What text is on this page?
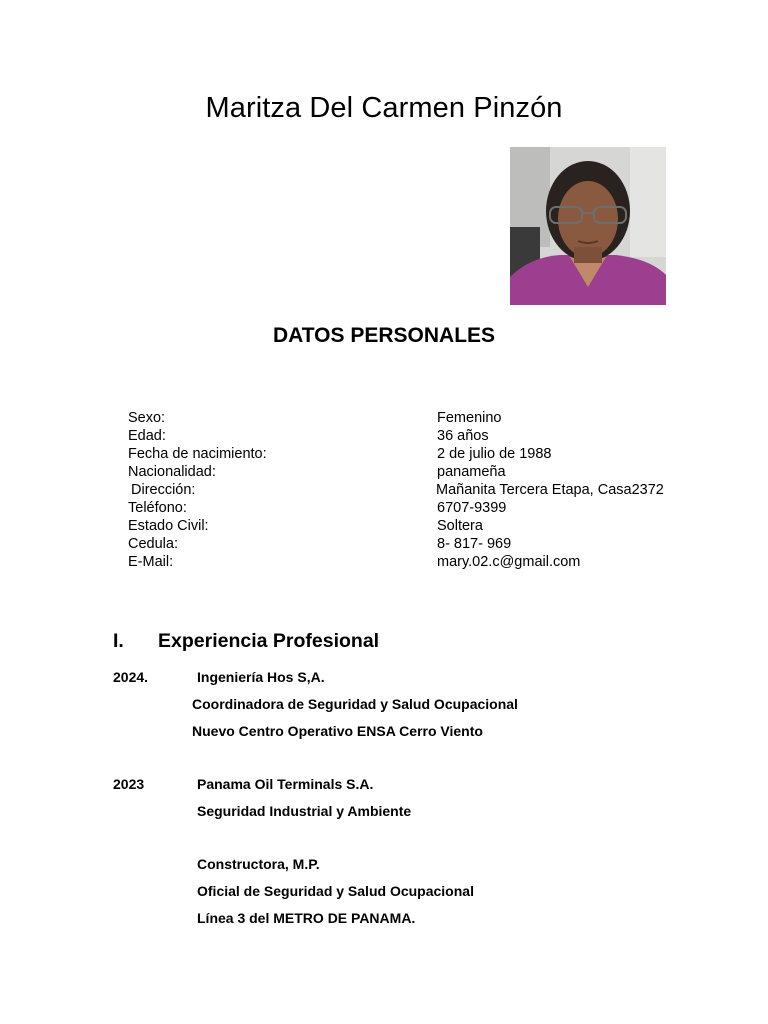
Maritza Del Carmen Pinzón
DATOS PERSONALES
Sexo:	Femenino
Edad:	36 años
Fecha de nacimiento:	2 de julio de 1988
Nacionalidad:	panameña
Dirección:	Mañanita Tercera Etapa, Casa2372
Teléfono:	6707-9399
Estado Civil:	Soltera
Cedula:	8- 817- 969
E-Mail:	mary.02.c@gmail.com
I.	Experiencia Profesional
2024.	Ingeniería Hos S,A.
Coordinadora de Seguridad y Salud Ocupacional
Nuevo Centro Operativo ENSA Cerro Viento
2023	Panama Oil Terminals S.A.
Seguridad Industrial y Ambiente
Constructora, M.P.
Oficial de Seguridad y Salud Ocupacional
Línea 3 del METRO DE PANAMA.
